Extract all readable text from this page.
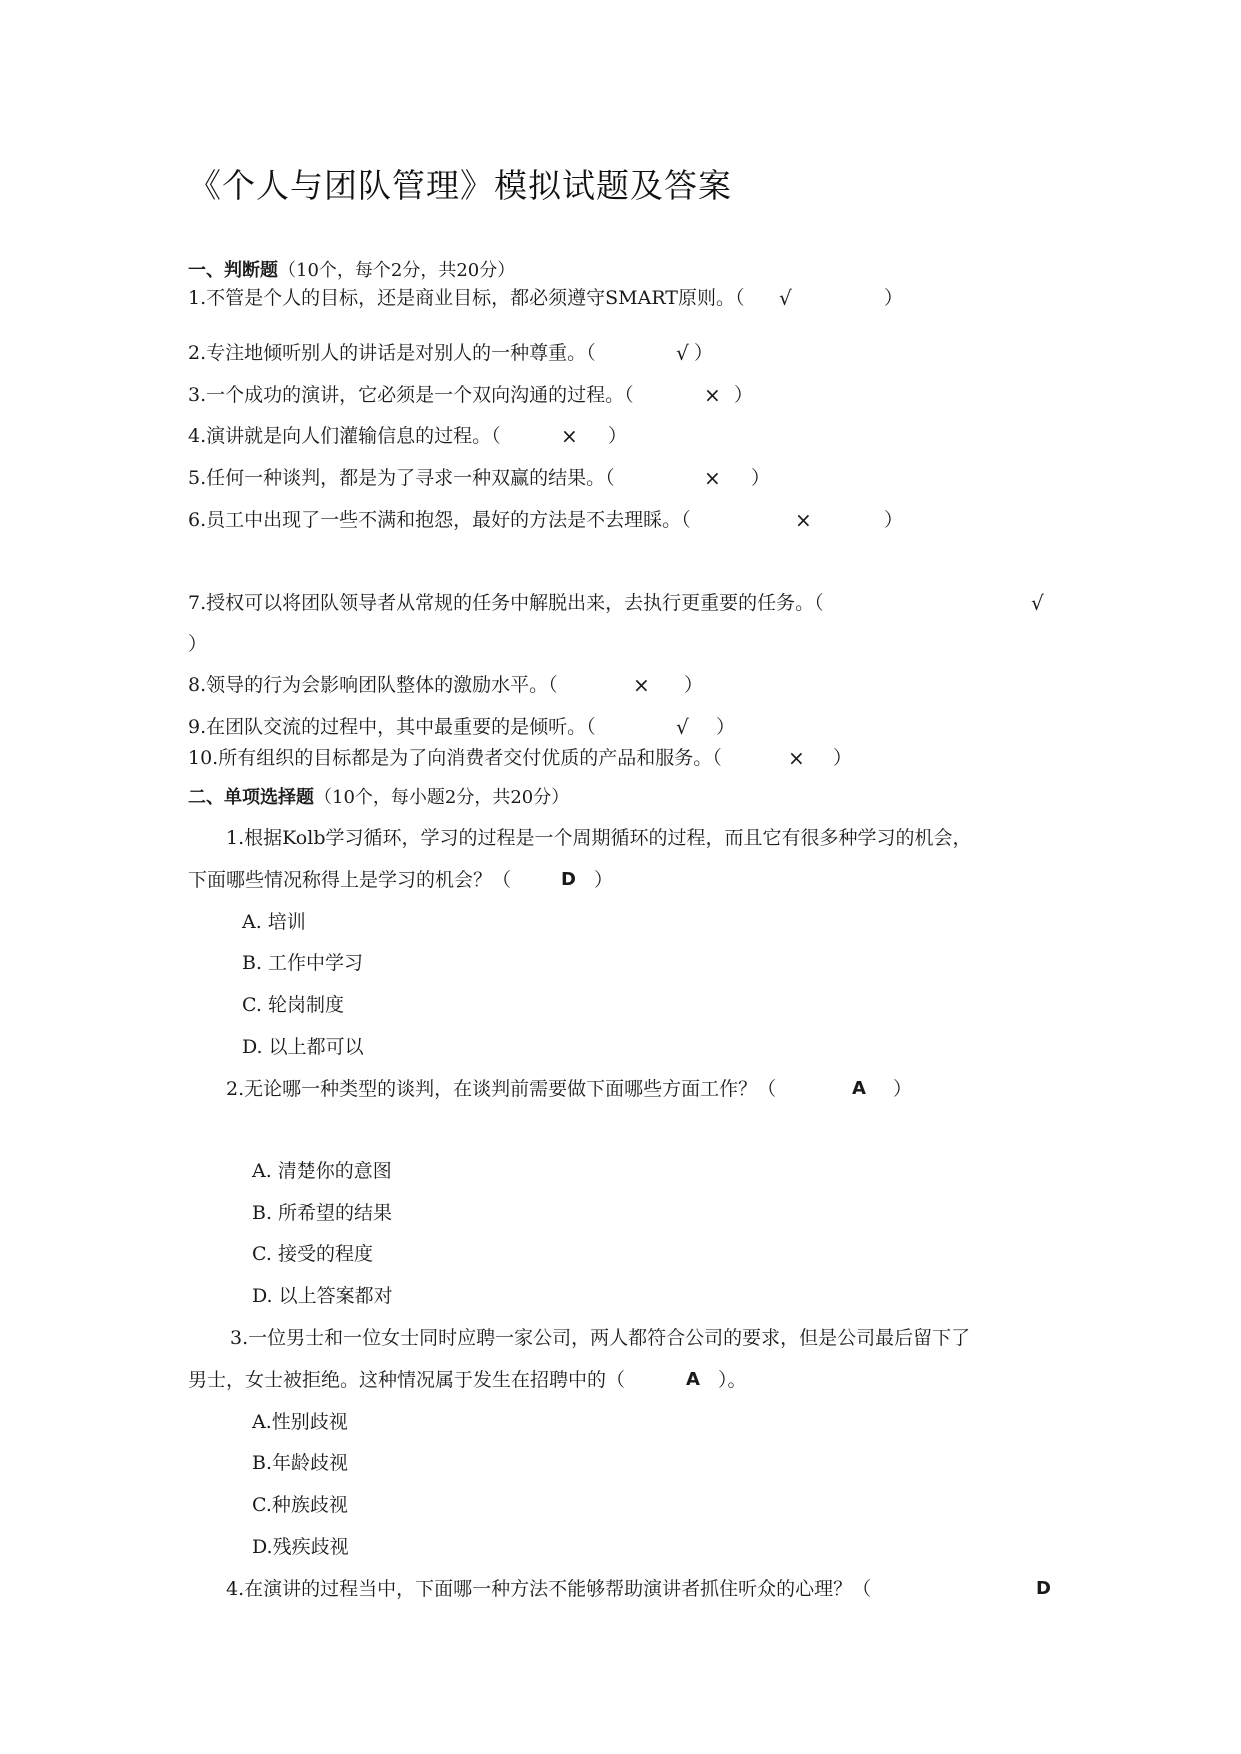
《个人与团队管理》模拟试题及答案
一、判断题（10个，每个2分，共20分）
1.不管是个人的目标，还是商业目标，都必须遵守SMART原则。（ √	）
2.专注地倾听别人的讲话是对别人的一种尊重。（	√ ）
3.一个成功的演讲，它必须是一个双向沟通的过程。（	× ）
4.演讲就是向人们灌输信息的过程。（	× ）
5.任何一种谈判，都是为了寻求一种双赢的结果。（	× ）
6.员工中出现了一些不满和抱怨，最好的方法是不去理睬。（	×	）
7.授权可以将团队领导者从常规的任务中解脱出来，去执行更重要的任务。（	√
）
8.领导的行为会影响团队整体的激励水平。（	× ）
9.在团队交流的过程中，其中最重要的是倾听。（	√ ）
10.所有组织的目标都是为了向消费者交付优质的产品和服务。（	× ）
二、单项选择题（10个，每小题2分，共20分）
1.根据Kolb学习循环，学习的过程是一个周期循环的过程，而且它有很多种学习的机会，
下面哪些情况称得上是学习的机会？（	D ）
A. 培训
B. 工作中学习
C. 轮岗制度
D. 以上都可以
2.无论哪一种类型的谈判，在谈判前需要做下面哪些方面工作？（	A ）
A. 清楚你的意图
B. 所希望的结果
C. 接受的程度
D. 以上答案都对
3.一位男士和一位女士同时应聘一家公司，两人都符合公司的要求，但是公司最后留下了
男士，女士被拒绝。这种情况属于发生在招聘中的（	A ）。
A.性别歧视
B.年龄歧视
C.种族歧视
D.残疾歧视
4.在演讲的过程当中，下面哪一种方法不能够帮助演讲者抓住听众的心理？（	D
